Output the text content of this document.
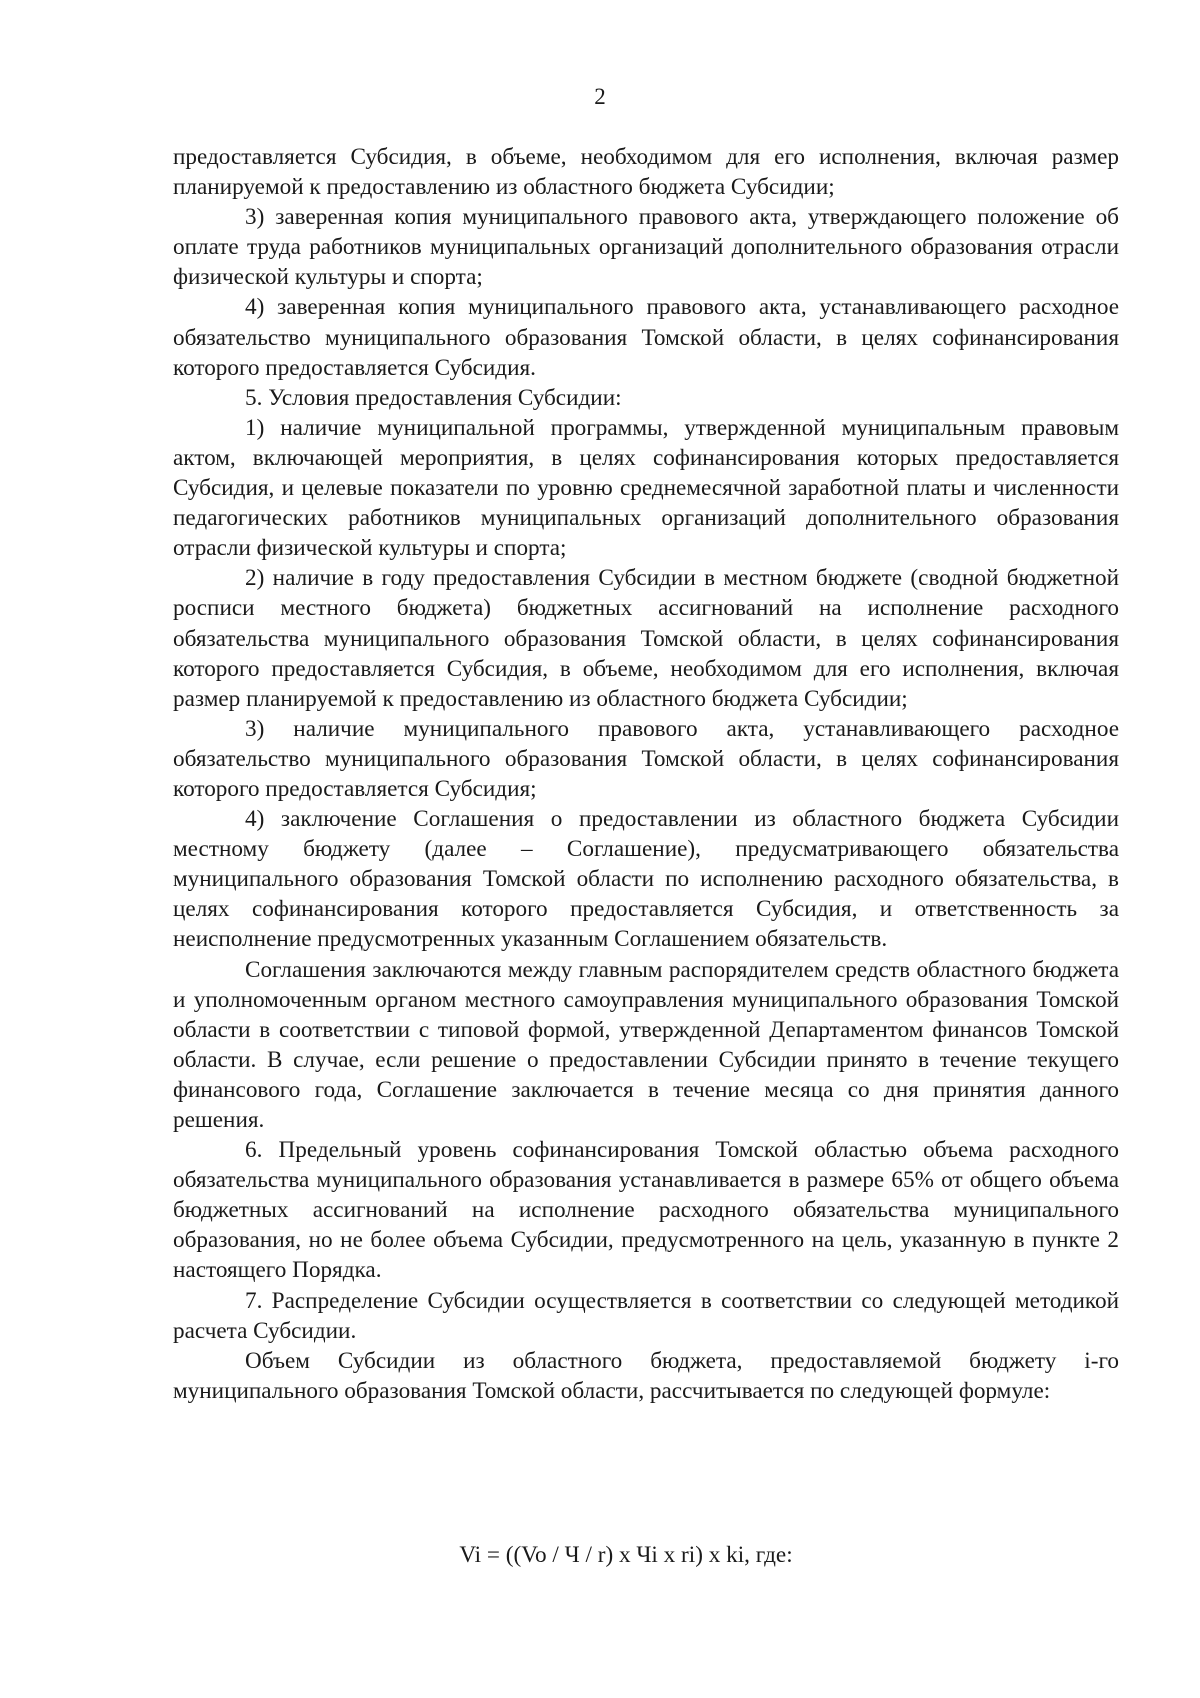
2

предоставляется Субсидия, в объеме, необходимом для его исполнения, включая размер планируемой к предоставлению из областного бюджета Субсидии;

3) заверенная копия муниципального правового акта, утверждающего положение об оплате труда работников муниципальных организаций дополнительного образования отрасли физической культуры и спорта;

4) заверенная копия муниципального правового акта, устанавливающего расходное обязательство муниципального образования Томской области, в целях софинансирования которого предоставляется Субсидия.

5. Условия предоставления Субсидии:

1) наличие муниципальной программы, утвержденной муниципальным правовым актом, включающей мероприятия, в целях софинансирования которых предоставляется Субсидия, и целевые показатели по уровню среднемесячной заработной платы и численности педагогических работников муниципальных организаций дополнительного образования отрасли физической культуры и спорта;

2) наличие в году предоставления Субсидии в местном бюджете (сводной бюджетной росписи местного бюджета) бюджетных ассигнований на исполнение расходного обязательства муниципального образования Томской области, в целях софинансирования которого предоставляется Субсидия, в объеме, необходимом для его исполнения, включая размер планируемой к предоставлению из областного бюджета Субсидии;

3) наличие муниципального правового акта, устанавливающего расходное обязательство муниципального образования Томской области, в целях софинансирования которого предоставляется Субсидия;

4) заключение Соглашения о предоставлении из областного бюджета Субсидии местному бюджету (далее – Соглашение), предусматривающего обязательства муниципального образования Томской области по исполнению расходного обязательства, в целях софинансирования которого предоставляется Субсидия, и ответственность за неисполнение предусмотренных указанным Соглашением обязательств.

Соглашения заключаются между главным распорядителем средств областного бюджета и уполномоченным органом местного самоуправления муниципального образования Томской области в соответствии с типовой формой, утвержденной Департаментом финансов Томской области. В случае, если решение о предоставлении Субсидии принято в течение текущего финансового года, Соглашение заключается в течение месяца со дня принятия данного решения.

6. Предельный уровень софинансирования Томской областью объема расходного обязательства муниципального образования устанавливается в размере 65% от общего объема бюджетных ассигнований на исполнение расходного обязательства муниципального образования, но не более объема Субсидии, предусмотренного на цель, указанную в пункте 2 настоящего Порядка.

7. Распределение Субсидии осуществляется в соответствии со следующей методикой расчета Субсидии.

Объем Субсидии из областного бюджета, предоставляемой бюджету i-го муниципального образования Томской области, рассчитывается по следующей формуле:

Vi = ((Vo / Ч / r) x Чi x ri) x ki, где:
